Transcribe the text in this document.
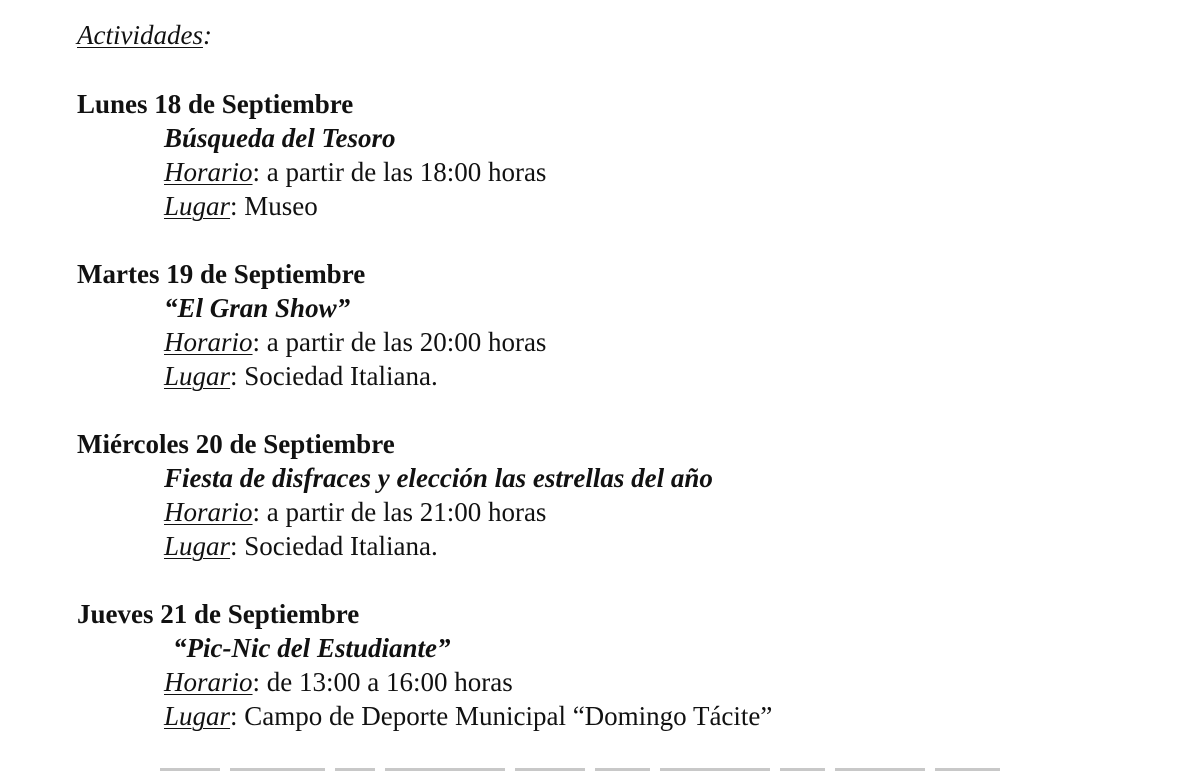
Actividades:
Lunes 18 de Septiembre
Búsqueda del Tesoro
Horario: a partir de las 18:00 horas
Lugar: Museo
Martes 19 de Septiembre
“El Gran Show”
Horario: a partir de las 20:00 horas
Lugar: Sociedad Italiana.
Miércoles 20 de Septiembre
Fiesta de disfraces y elección las estrellas del año
Horario: a partir de las 21:00 horas
Lugar: Sociedad Italiana.
Jueves 21 de Septiembre
“Pic-Nic del Estudiante”
Horario: de 13:00 a 16:00 horas
Lugar: Campo de Deporte Municipal “Domingo Tácite”
